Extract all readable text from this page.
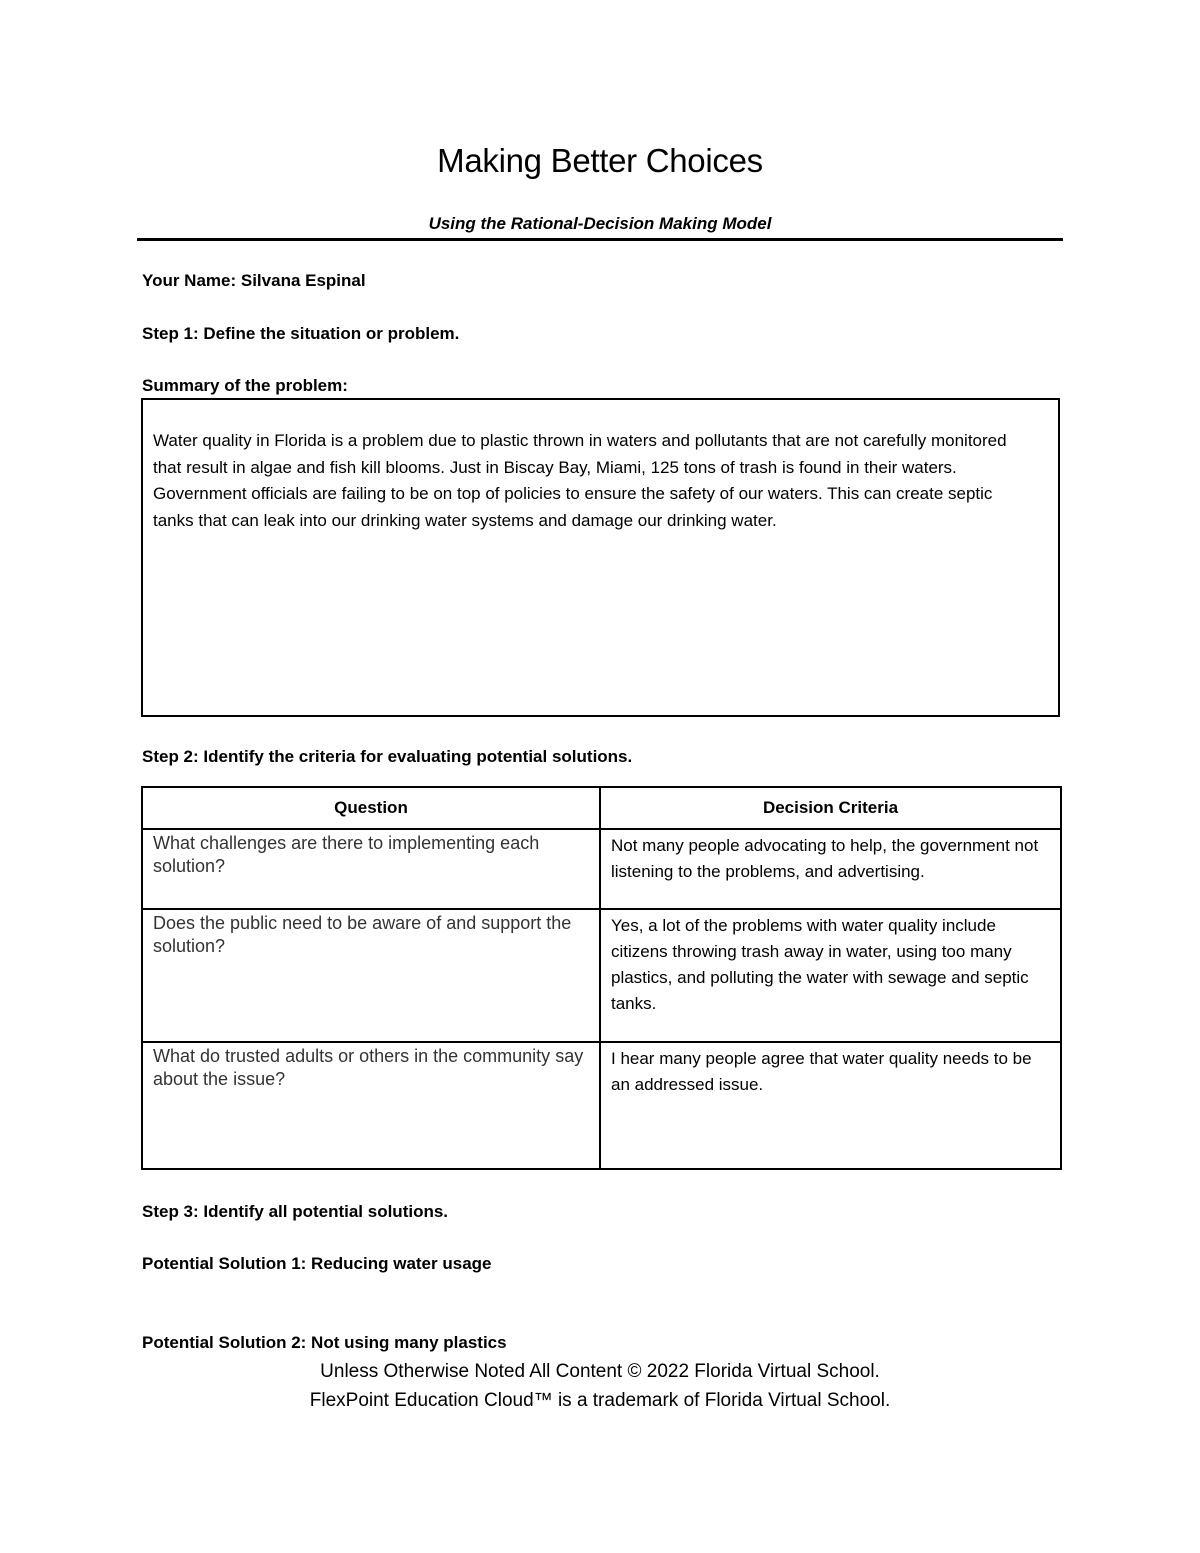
Making Better Choices
Using the Rational-Decision Making Model
Your Name: Silvana Espinal
Step 1: Define the situation or problem.
Summary of the problem:

Water quality in Florida is a problem due to plastic thrown in waters and pollutants that are not carefully monitored that result in algae and fish kill blooms. Just in Biscay Bay, Miami, 125 tons of trash is found in their waters. Government officials are failing to be on top of policies to ensure the safety of our waters. This can create septic tanks that can leak into our drinking water systems and damage our drinking water.

Step 2: Identify the criteria for evaluating potential solutions.
Question	Decision Criteria

What challenges are there to implementing each solution?	Not many people advocating to help, the government not listening to the problems, and advertising.

Does the public need to be aware of and support the solution?	Yes, a lot of the problems with water quality include citizens throwing trash away in water, using too many plastics, and polluting the water with sewage and septic tanks.

What do trusted adults or others in the community say about the issue?	I hear many people agree that water quality needs to be an addressed issue.
Step 3: Identify all potential solutions.
Potential Solution 1: Reducing water usage
Potential Solution 2: Not using many plastics
Unless Otherwise Noted All Content © 2022 Florida Virtual School.
FlexPoint Education Cloud™ is a trademark of Florida Virtual School.
